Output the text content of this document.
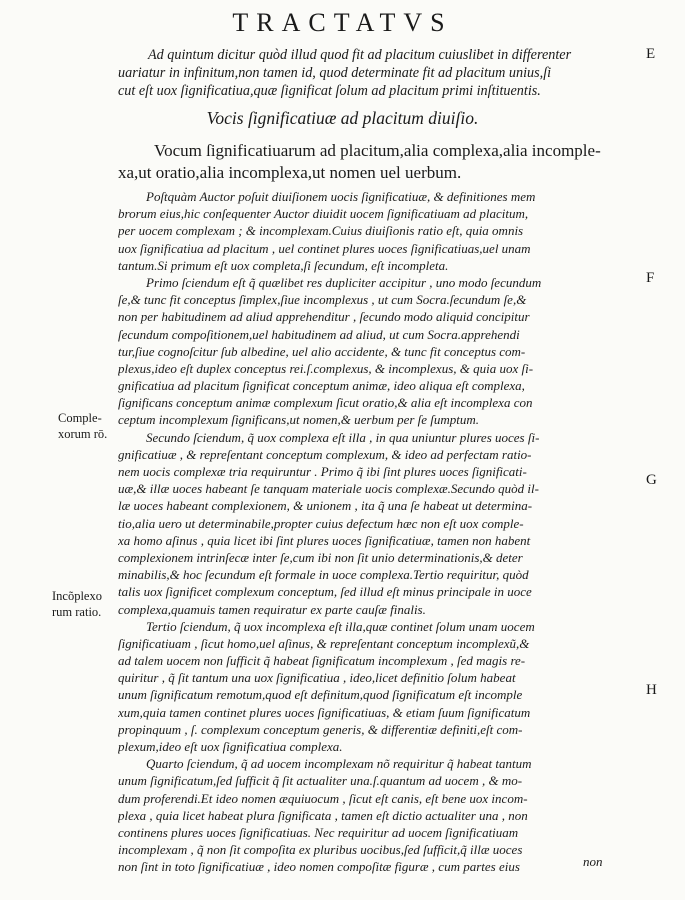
TRACTATVS
E
F
G
H
Ad quintum dicitur quòd illud quod fit ad placitum cuiuslibet in differenter
uariatur in infinitum,non tamen id, quod determinate fit ad placitum unius,ſi
cut eſt uox ſignificatiua,quæ ſignificat ſolum ad placitum primi inſtituentis.
Vocis ſignificatiuæ ad placitum diuiſio.
Vocum ſignificatiuarum ad placitum,alia complexa,alia incomple-
xa,ut oratio,alia incomplexa,ut nomen uel uerbum.
Poſtquàm Auctor poſuit diuiſionem uocis ſignificatiuæ, & definitiones mem
brorum eius,hic conſequenter Auctor diuidit uocem ſignificatiuam ad placitum,
per uocem complexam ; & incomplexam.Cuius diuiſionis ratio eſt, quia omnis
uox ſignificatiua ad placitum , uel continet plures uoces ſignificatiuas,uel unam
tantum.Si primum eſt uox completa,ſi ſecundum, eſt incompleta.
Primo ſciendum eſt q̃ quælibet res dupliciter accipitur , uno modo ſecundum
ſe,& tunc fit conceptus ſimplex,ſiue incomplexus , ut cum Socra.ſecundum ſe,&
non per habitudinem ad aliud apprehenditur , ſecundo modo aliquid concipitur
ſecundum compoſitionem,uel habitudinem ad aliud, ut cum Socra.apprehendi
tur,ſiue cognoſcitur ſub albedine, uel alio accidente, & tunc fit conceptus com-
plexus,ideo eſt duplex conceptus rei.ſ.complexus, & incomplexus, & quia uox ſi-
gnificatiua ad placitum ſignificat conceptum animæ, ideo aliqua eſt complexa,
ſignificans conceptum animæ complexum ſicut oratio,& alia eſt incomplexa con
ceptum incomplexum ſignificans,ut nomen,& uerbum per ſe ſumptum.
Secundo ſciendum, q̃ uox complexa eſt illa , in qua uniuntur plures uoces ſi-
gnificatiuæ , & repreſentant conceptum complexum, & ideo ad perfectam ratio-
nem uocis complexæ tria requiruntur . Primo q̃ ibi ſint plures uoces ſignificati-
uæ,& illæ uoces habeant ſe tanquam materiale uocis complexæ.Secundo quòd il-
læ uoces habeant complexionem, & unionem , ita q̃ una ſe habeat ut determina-
tio,alia uero ut determinabile,propter cuius defectum hæc non eſt uox comple-
xa homo aſinus , quia licet ibi ſint plures uoces ſignificatiuæ, tamen non habent
complexionem intrinſecæ inter ſe,cum ibi non ſit unio determinationis,& deter
minabilis,& hoc ſecundum eſt formale in uoce complexa.Tertio requiritur, quòd
talis uox ſignificet complexum conceptum, ſed illud eſt minus principale in uoce
complexa,quamuis tamen requiratur ex parte cauſæ finalis.
Tertio ſciendum, q̃ uox incomplexa eſt illa,quæ continet ſolum unam uocem
ſignificatiuam , ſicut homo,uel aſinus, & repreſentant conceptum incomplexũ,&
ad talem uocem non ſufficit q̃ habeat ſignificatum incomplexum , ſed magis re-
quiritur , q̃ ſit tantum una uox ſignificatiua , ideo,licet definitio ſolum habeat
unum ſignificatum remotum,quod eſt definitum,quod ſignificatum eſt incomple
xum,quia tamen continet plures uoces ſignificatiuas, & etiam ſuum ſignificatum
propinquum , ſ. complexum conceptum generis, & differentiæ definiti,eſt com-
plexum,ideo eſt uox ſignificatiua complexa.
Quarto ſciendum, q̃ ad uocem incomplexam nõ requiritur q̃ habeat tantum
unum ſignificatum,ſed ſufficit q̃ ſit actualiter una.ſ.quantum ad uocem , & mo-
dum proferendi.Et ideo nomen æquiuocum , ſicut eſt canis, eſt bene uox incom-
plexa , quia licet habeat plura ſignificata , tamen eſt dictio actualiter una , non
continens plures uoces ſignificatiuas. Nec requiritur ad uocem ſignificatiuam
incomplexam , q̃ non ſit compoſita ex pluribus uocibus,ſed ſufficit,q̃ illæ uoces
non ſint in toto ſignificatiuæ , ideo nomen compoſitæ figuræ , cum partes eius
Comple-
xorum rō.
Incõplexo
rum ratio.
non
